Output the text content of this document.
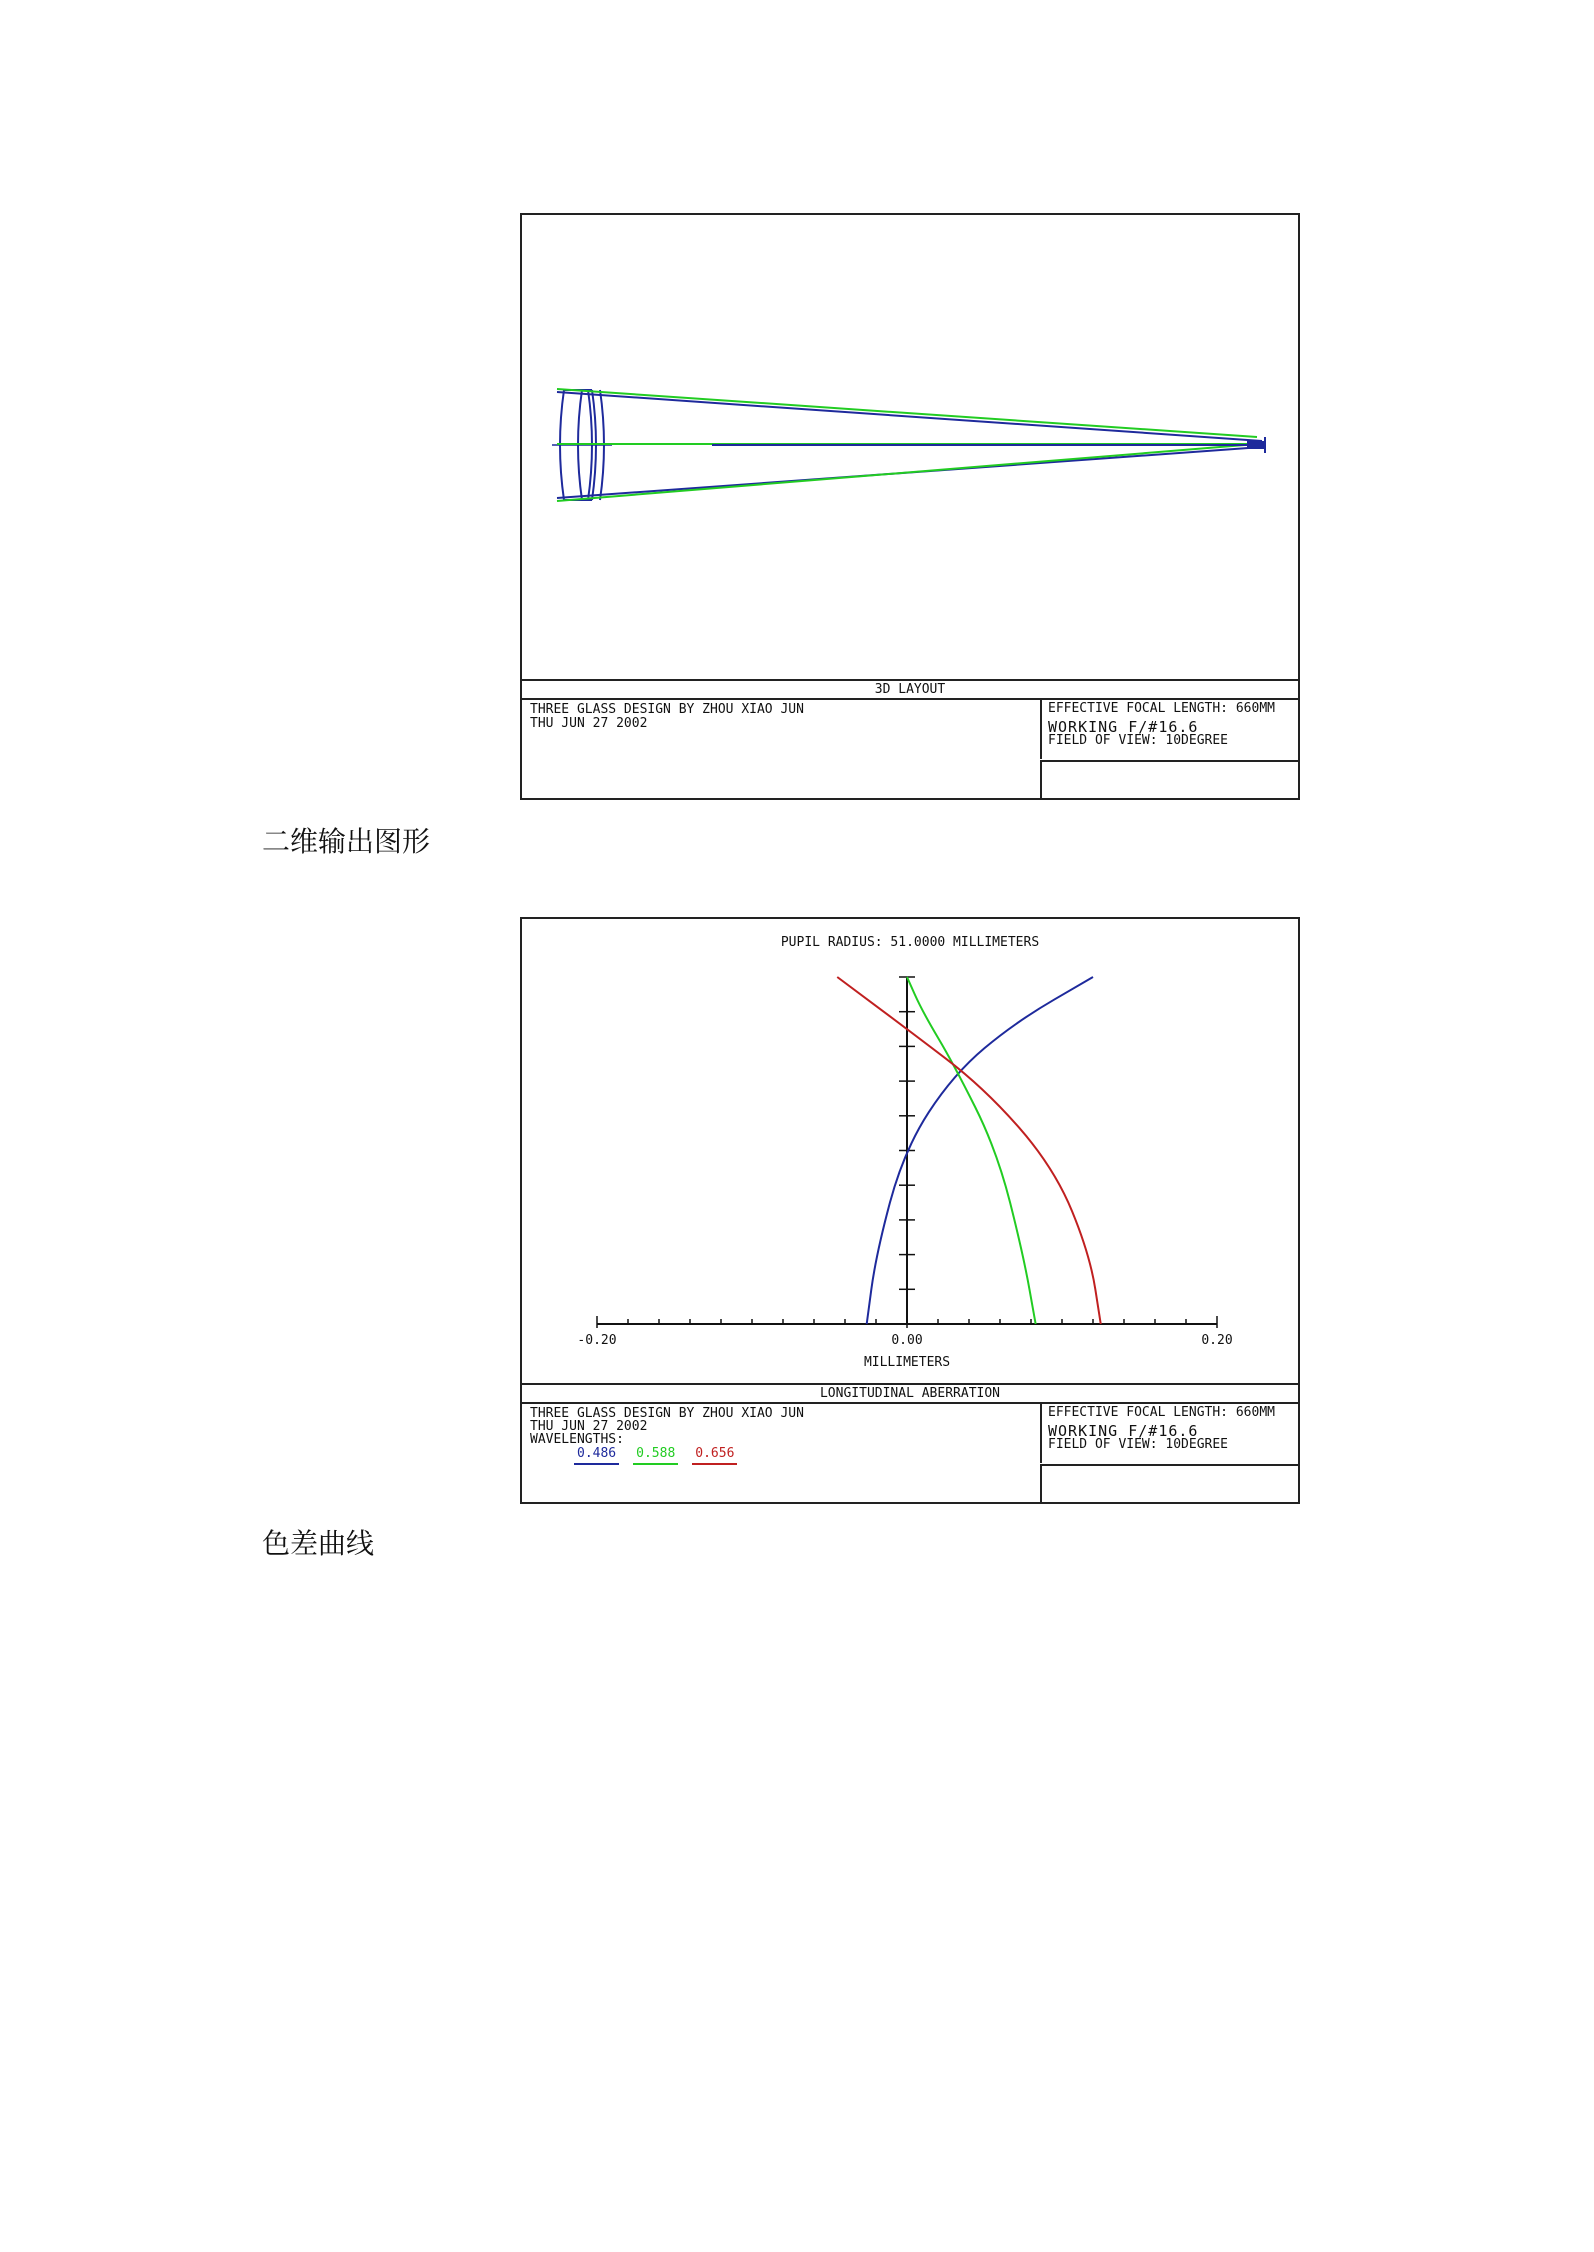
3D LAYOUT
THREE GLASS DESIGN BY ZHOU XIAO JUN
THU JUN 27 2002
EFFECTIVE FOCAL LENGTH: 660MM
WORKING F/#16.6
FIELD OF VIEW: 10DEGREE
二维输出图形
PUPIL RADIUS: 51.0000 MILLIMETERS
-0.20	0.00	0.20
MILLIMETERS
LONGITUDINAL ABERRATION
THREE GLASS DESIGN BY ZHOU XIAO JUN
THU JUN 27 2002
WAVELENGTHS:
0.486 0.588 0.656
EFFECTIVE FOCAL LENGTH: 660MM
WORKING F/#16.6
FIELD OF VIEW: 10DEGREE
色差曲线
